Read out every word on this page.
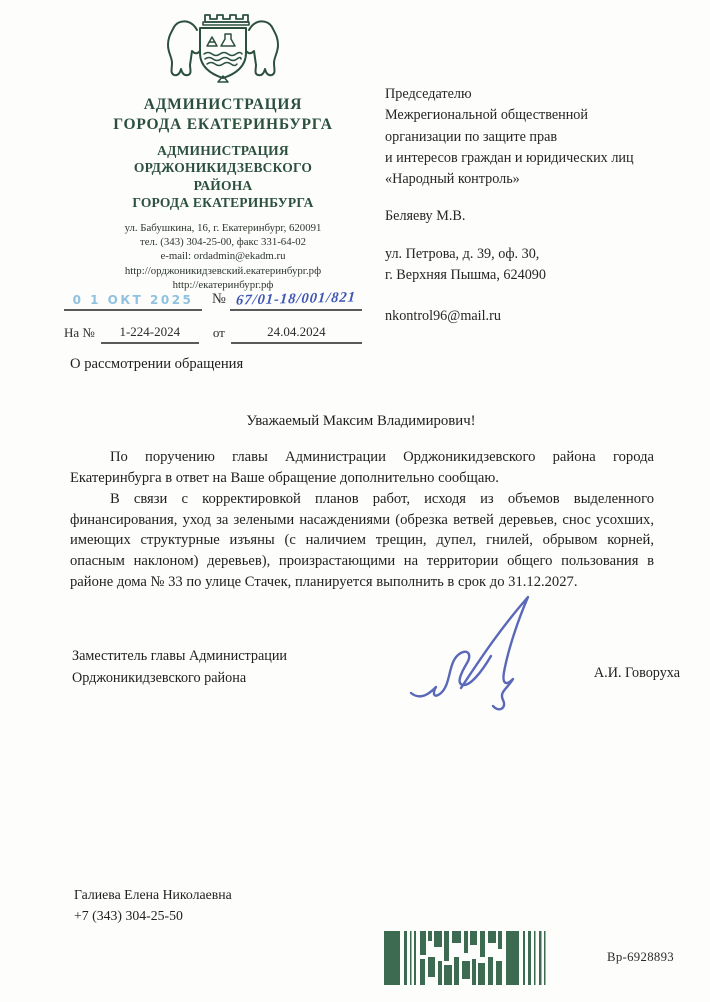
АДМИНИСТРАЦИЯ
ГОРОДА ЕКАТЕРИНБУРГА
АДМИНИСТРАЦИЯ
ОРДЖОНИКИДЗЕВСКОГО
РАЙОНА
ГОРОДА ЕКАТЕРИНБУРГА
ул. Бабушкина, 16, г. Екатеринбург, 620091
тел. (343) 304-25-00, факс 331-64-02
e-mail: ordadmin@ekadm.ru
http://орджоникидзевский.екатеринбург.рф
http://екатеринбург.рф
Председателю
Межрегиональной общественной
организации по защите прав
и интересов граждан и юридических лиц
«Народный контроль»
Беляеву М.В.
ул. Петрова, д. 39, оф. 30,
г. Верхняя Пышма, 624090
nkontrol96@mail.ru
0 1 ОКТ 2025	№ 67/01-18/001/821
На №	1-224-2024	от	24.04.2024
О рассмотрении обращения
Уважаемый Максим Владимирович!

По поручению главы Администрации Орджоникидзевского района города Екатеринбурга в ответ на Ваше обращение дополнительно сообщаю.

В связи с корректировкой планов работ, исходя из объемов выделенного финансирования, уход за зелеными насаждениями (обрезка ветвей деревьев, снос усохших, имеющих структурные изъяны (с наличием трещин, дупел, гнилей, обрывом корней, опасным наклоном) деревьев), произрастающими на территории общего пользования в районе дома № 33 по улице Стачек, планируется выполнить в срок до 31.12.2027.

Заместитель главы Администрации
Орджоникидзевского района	А.И. Говоруха
Галиева Елена Николаевна
+7 (343) 304-25-50
Вр-6928893
